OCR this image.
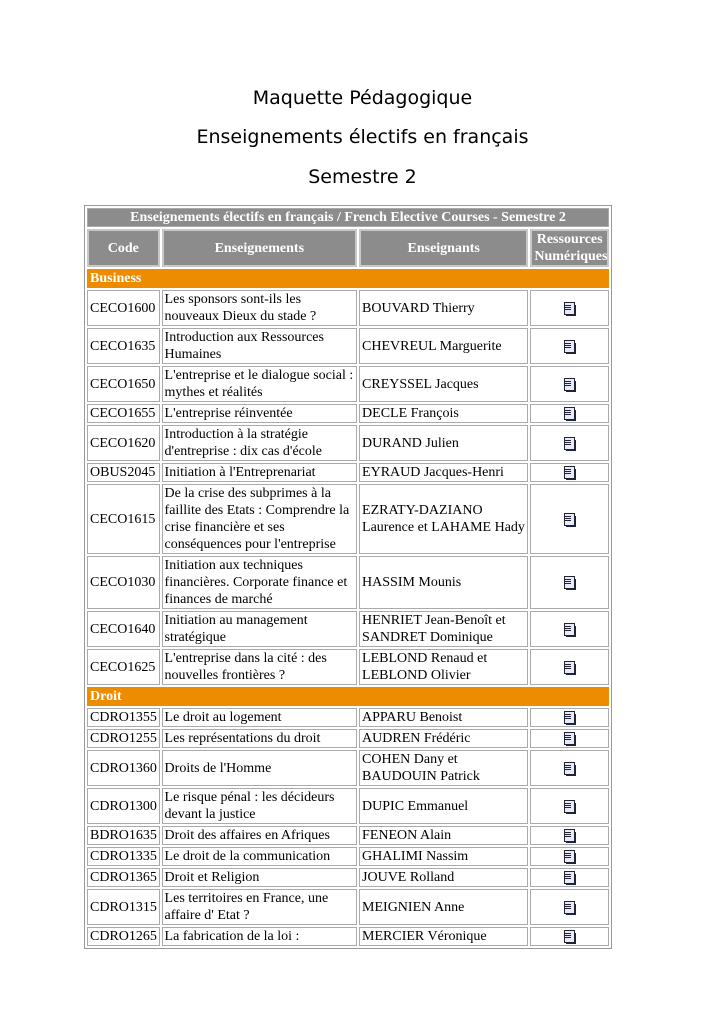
Maquette Pédagogique
Enseignements électifs en français
Semestre 2
Enseignements électifs en français / French Elective Courses - Semestre 2			
Code	Enseignements	Enseignants	Ressources Numériques
Business			
CECO1600	Les sponsors sont-ils les nouveaux Dieux du stade ?	BOUVARD Thierry	

CECO1635	Introduction aux Ressources Humaines	CHEVREUL Marguerite	

CECO1650	L'entreprise et le dialogue social : mythes et réalités	CREYSSEL Jacques	

CECO1655	L'entreprise réinventée	DECLE François	

CECO1620	Introduction à la stratégie d'entreprise : dix cas d'école	DURAND Julien	

OBUS2045	Initiation à l'Entreprenariat	EYRAUD Jacques-Henri	

CECO1615	De la crise des subprimes à la faillite des Etats : Comprendre la crise financière et ses conséquences pour l'entreprise	EZRATY-DAZIANO Laurence et LAHAME Hady	

CECO1030	Initiation aux techniques financières. Corporate finance et finances de marché	HASSIM Mounis	

CECO1640	Initiation au management stratégique	HENRIET Jean-Benoît et SANDRET Dominique	

CECO1625	L'entreprise dans la cité : des nouvelles frontières ?	LEBLOND Renaud et LEBLOND Olivier	

Droit			
CDRO1355	Le droit au logement	APPARU Benoist	

CDRO1255	Les représentations du droit	AUDREN Frédéric	

CDRO1360	Droits de l'Homme	COHEN Dany et BAUDOUIN Patrick	

CDRO1300	Le risque pénal : les décideurs devant la justice	DUPIC Emmanuel	

BDRO1635	Droit des affaires en Afriques	FENEON Alain	

CDRO1335	Le droit de la communication	GHALIMI Nassim	

CDRO1365	Droit et Religion	JOUVE Rolland	

CDRO1315	Les territoires en France, une affaire d' Etat ?	MEIGNIEN Anne	

CDRO1265	La fabrication de la loi :	MERCIER Véronique	
